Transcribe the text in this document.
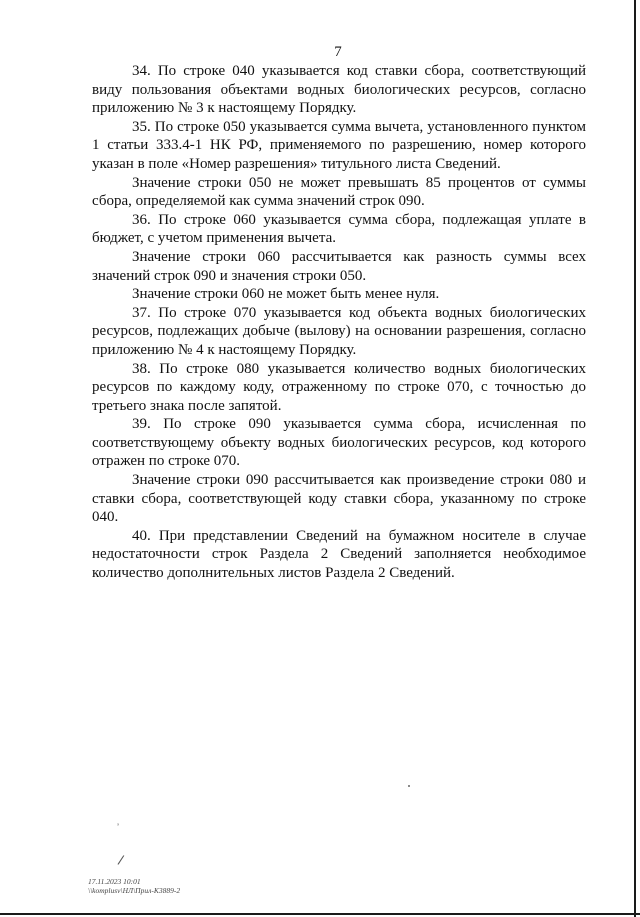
7

34. По строке 040 указывается код ставки сбора, соответствующий виду пользования объектами водных биологических ресурсов, согласно приложению № 3 к настоящему Порядку.

35. По строке 050 указывается сумма вычета, установленного пунктом 1 статьи 333.4-1 НК РФ, применяемого по разрешению, номер которого указан в поле «Номер разрешения» титульного листа Сведений.

Значение строки 050 не может превышать 85 процентов от суммы сбора, определяемой как сумма значений строк 090.

36. По строке 060 указывается сумма сбора, подлежащая уплате в бюджет, с учетом применения вычета.

Значение строки 060 рассчитывается как разность суммы всех значений строк 090 и значения строки 050.

Значение строки 060 не может быть менее нуля.

37. По строке 070 указывается код объекта водных биологических ресурсов, подлежащих добыче (вылову) на основании разрешения, согласно приложению № 4 к настоящему Порядку.

38. По строке 080 указывается количество водных биологических ресурсов по каждому коду, отраженному по строке 070, с точностью до третьего знака после запятой.

39. По строке 090 указывается сумма сбора, исчисленная по соответствующему объекту водных биологических ресурсов, код которого отражен по строке 070.

Значение строки 090 рассчитывается как произведение строки 080 и ставки сбора, соответствующей коду ставки сбора, указанному по строке 040.

40. При представлении Сведений на бумажном носителе в случае недостаточности строк Раздела 2 Сведений заполняется необходимое количество дополнительных листов Раздела 2 Сведений.

’
/
17.11.2023 10:01
\\komplusv\НЛ\Прил-К3889-2
